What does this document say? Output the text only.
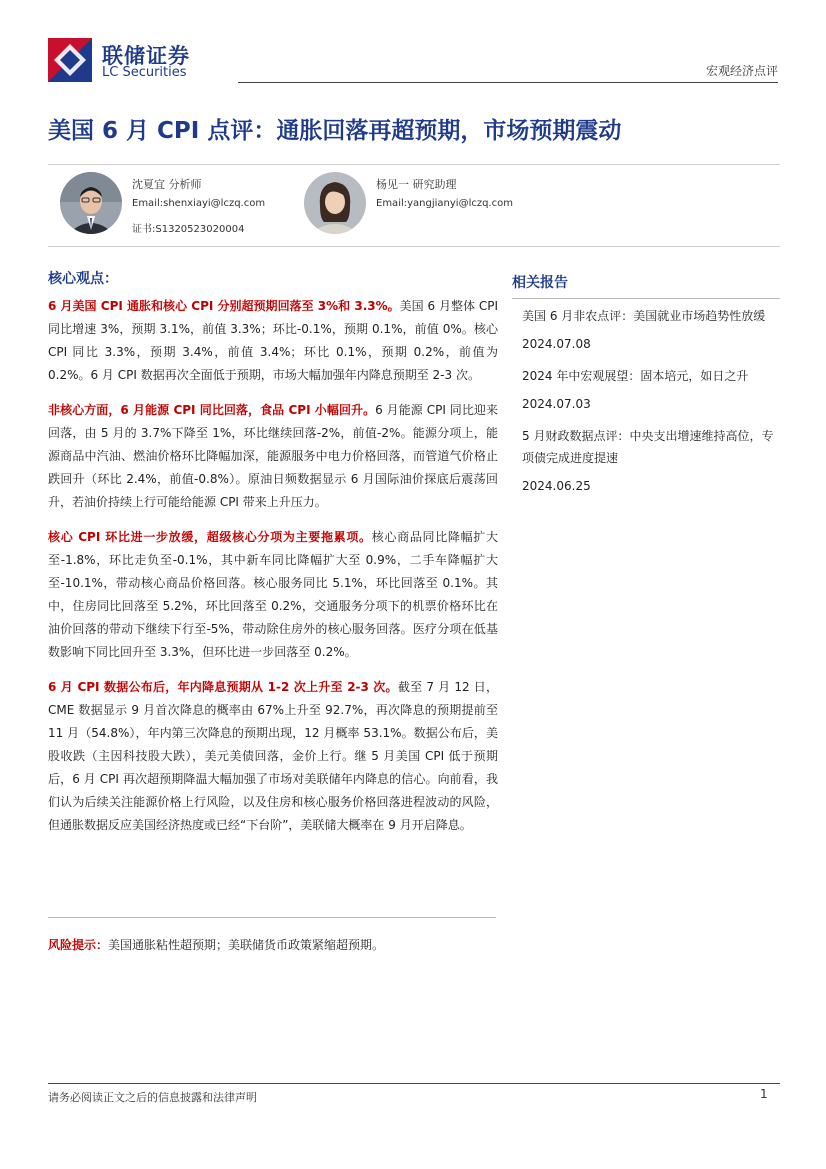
联储证券
LC Securities	宏观经济点评
美国 6 月 CPI 点评：通胀回落再超预期，市场预期震动
沈夏宜 分析师
Email:shenxiayi@lczq.com
证书:S1320523020004
杨见一 研究助理
Email:yangjianyi@lczq.com
核心观点：

6 月美国 CPI 通胀和核心 CPI 分别超预期回落至 3%和 3.3%。美国 6 月整体 CPI 同比增速 3%，预期 3.1%，前值 3.3%；环比-0.1%，预期 0.1%，前值 0%。核心 CPI 同比 3.3%，预期 3.4%，前值 3.4%；环比 0.1%，预期 0.2%，前值为 0.2%。6 月 CPI 数据再次全面低于预期，市场大幅加强年内降息预期至 2-3 次。

非核心方面，6 月能源 CPI 同比回落，食品 CPI 小幅回升。6 月能源 CPI 同比迎来回落，由 5 月的 3.7%下降至 1%，环比继续回落-2%，前值-2%。能源分项上，能源商品中汽油、燃油价格环比降幅加深，能源服务中电力价格回落，而管道气价格止跌回升（环比 2.4%，前值-0.8%）。原油日频数据显示 6 月国际油价探底后震荡回升，若油价持续上行可能给能源 CPI 带来上升压力。

核心 CPI 环比进一步放缓，超级核心分项为主要拖累项。核心商品同比降幅扩大至-1.8%，环比走负至-0.1%，其中新车同比降幅扩大至 0.9%，二手车降幅扩大至-10.1%，带动核心商品价格回落。核心服务同比 5.1%，环比回落至 0.1%。其中，住房同比回落至 5.2%，环比回落至 0.2%，交通服务分项下的机票价格环比在油价回落的带动下继续下行至-5%，带动除住房外的核心服务回落。医疗分项在低基数影响下同比回升至 3.3%，但环比进一步回落至 0.2%。

6 月 CPI 数据公布后，年内降息预期从 1-2 次上升至 2-3 次。截至 7 月 12 日，CME 数据显示 9 月首次降息的概率由 67%上升至 92.7%，再次降息的预期提前至 11 月（54.8%），年内第三次降息的预期出现，12 月概率 53.1%。数据公布后，美股收跌（主因科技股大跌），美元美债回落，金价上行。继 5 月美国 CPI 低于预期后，6 月 CPI 再次超预期降温大幅加强了市场对美联储年内降息的信心。向前看，我们认为后续关注能源价格上行风险，以及住房和核心服务价格回落进程波动的风险，但通胀数据反应美国经济热度或已经“下台阶”，美联储大概率在 9 月开启降息。

风险提示：美国通胀粘性超预期；美联储货币政策紧缩超预期。
相关报告
美国 6 月非农点评：美国就业市场趋势性放缓
2024.07.08
2024 年中宏观展望：固本培元，如日之升
2024.07.03
5 月财政数据点评：中央支出增速维持高位，专项债完成进度提速
2024.06.25
请务必阅读正文之后的信息披露和法律声明	1
